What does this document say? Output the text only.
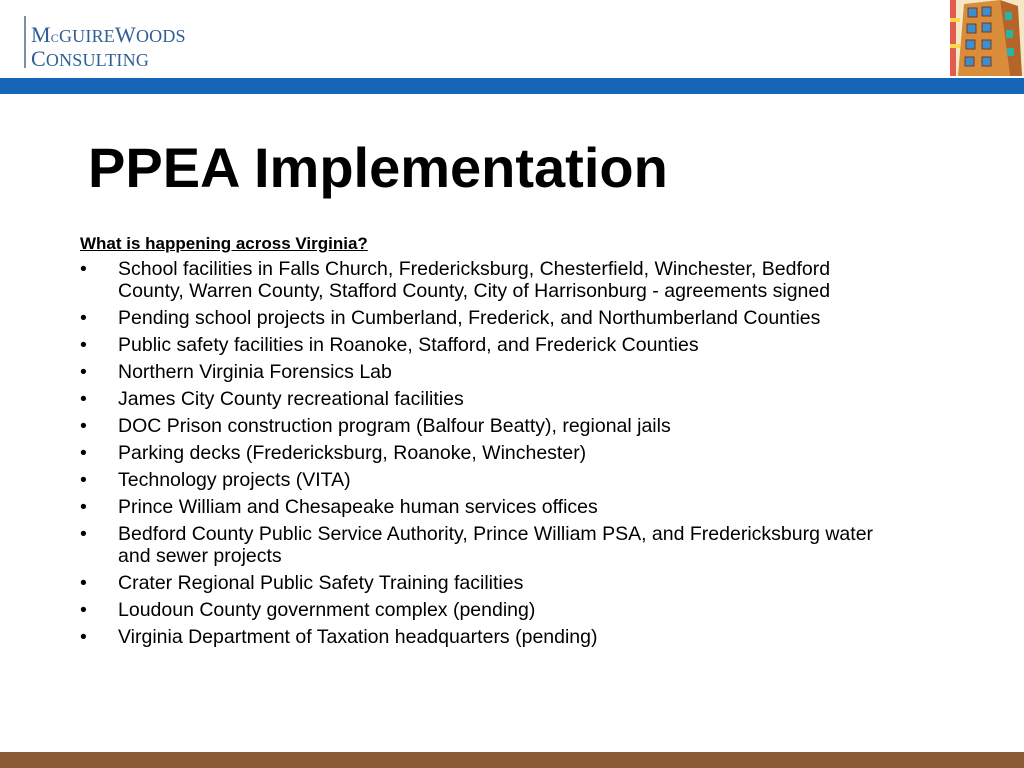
McGUIREWOODS
CONSULTING
PPEA Implementation
What is happening across Virginia?
•	School facilities in Falls Church, Fredericksburg, Chesterfield, Winchester, Bedford County, Warren County, Stafford County, City of Harrisonburg - agreements signed
•	Pending school projects in Cumberland, Frederick, and Northumberland Counties
•	Public safety facilities in Roanoke, Stafford, and Frederick Counties
•	Northern Virginia Forensics Lab
•	James City County recreational facilities
•	DOC Prison construction program (Balfour Beatty), regional jails
•	Parking decks (Fredericksburg, Roanoke, Winchester)
•	Technology projects (VITA)
•	Prince William and Chesapeake human services offices
•	Bedford County Public Service Authority, Prince William PSA, and Fredericksburg water and sewer projects
•	Crater Regional Public Safety Training facilities
•	Loudoun County government complex (pending)
•	Virginia Department of Taxation headquarters (pending)
